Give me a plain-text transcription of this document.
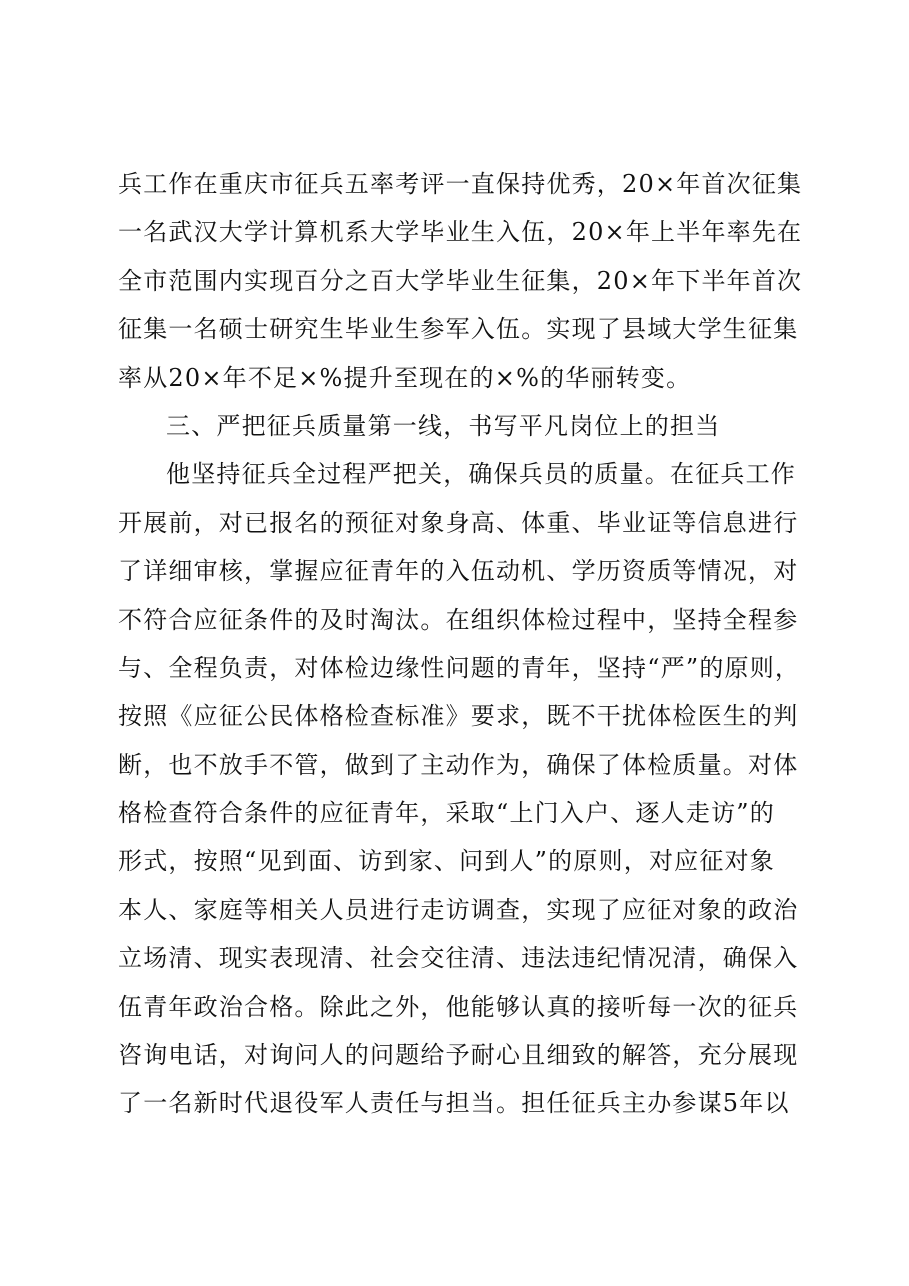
兵工作在重庆市征兵五率考评一直保持优秀，20×年首次征集
一名武汉大学计算机系大学毕业生入伍，20×年上半年率先在
全市范围内实现百分之百大学毕业生征集，20×年下半年首次
征集一名硕士研究生毕业生参军入伍。实现了县域大学生征集
率从20×年不足×%提升至现在的×%的华丽转变。
三、严把征兵质量第一线，书写平凡岗位上的担当
他坚持征兵全过程严把关，确保兵员的质量。在征兵工作
开展前，对已报名的预征对象身高、体重、毕业证等信息进行
了详细审核，掌握应征青年的入伍动机、学历资质等情况，对
不符合应征条件的及时淘汰。在组织体检过程中，坚持全程参
与、全程负责，对体检边缘性问题的青年，坚持“严”的原则，
按照《应征公民体格检查标准》要求，既不干扰体检医生的判
断，也不放手不管，做到了主动作为，确保了体检质量。对体
格检查符合条件的应征青年，采取“上门入户、逐人走访”的
形式，按照“见到面、访到家、问到人”的原则，对应征对象
本人、家庭等相关人员进行走访调查，实现了应征对象的政治
立场清、现实表现清、社会交往清、违法违纪情况清，确保入
伍青年政治合格。除此之外，他能够认真的接听每一次的征兵
咨询电话，对询问人的问题给予耐心且细致的解答，充分展现
了一名新时代退役军人责任与担当。担任征兵主办参谋5年以
